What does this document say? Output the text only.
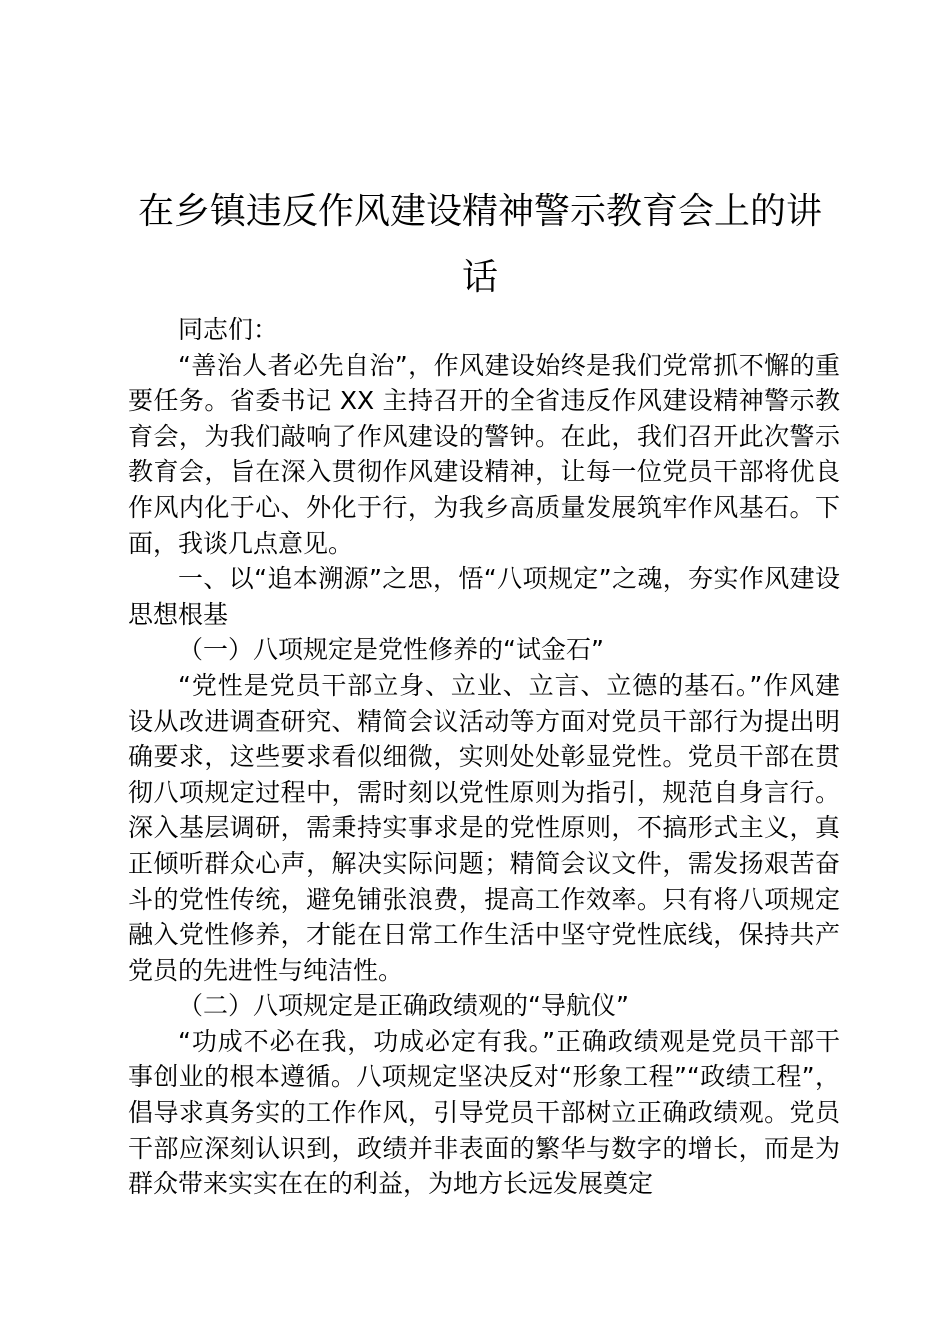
在乡镇违反作风建设精神警示教育会上的讲
话

同志们：

“善治人者必先自治”，作风建设始终是我们党常抓不懈的重要任务。省委书记 XX 主持召开的全省违反作风建设精神警示教育会，为我们敲响了作风建设的警钟。在此，我们召开此次警示教育会，旨在深入贯彻作风建设精神，让每一位党员干部将优良作风内化于心、外化于行，为我乡高质量发展筑牢作风基石。下面，我谈几点意见。

一、以“追本溯源”之思，悟“八项规定”之魂，夯实作风建设思想根基

（一）八项规定是党性修养的“试金石”

“党性是党员干部立身、立业、立言、立德的基石。”作风建设从改进调查研究、精简会议活动等方面对党员干部行为提出明确要求，这些要求看似细微，实则处处彰显党性。党员干部在贯彻八项规定过程中，需时刻以党性原则为指引，规范自身言行。深入基层调研，需秉持实事求是的党性原则，不搞形式主义，真正倾听群众心声，解决实际问题；精简会议文件，需发扬艰苦奋斗的党性传统，避免铺张浪费，提高工作效率。只有将八项规定融入党性修养，才能在日常工作生活中坚守党性底线，保持共产党员的先进性与纯洁性。

（二）八项规定是正确政绩观的“导航仪”

“功成不必在我，功成必定有我。”正确政绩观是党员干部干事创业的根本遵循。八项规定坚决反对“形象工程”“政绩工程”，倡导求真务实的工作作风，引导党员干部树立正确政绩观。党员干部应深刻认识到，政绩并非表面的繁华与数字的增长，而是为群众带来实实在在的利益，为地方长远发展奠定
